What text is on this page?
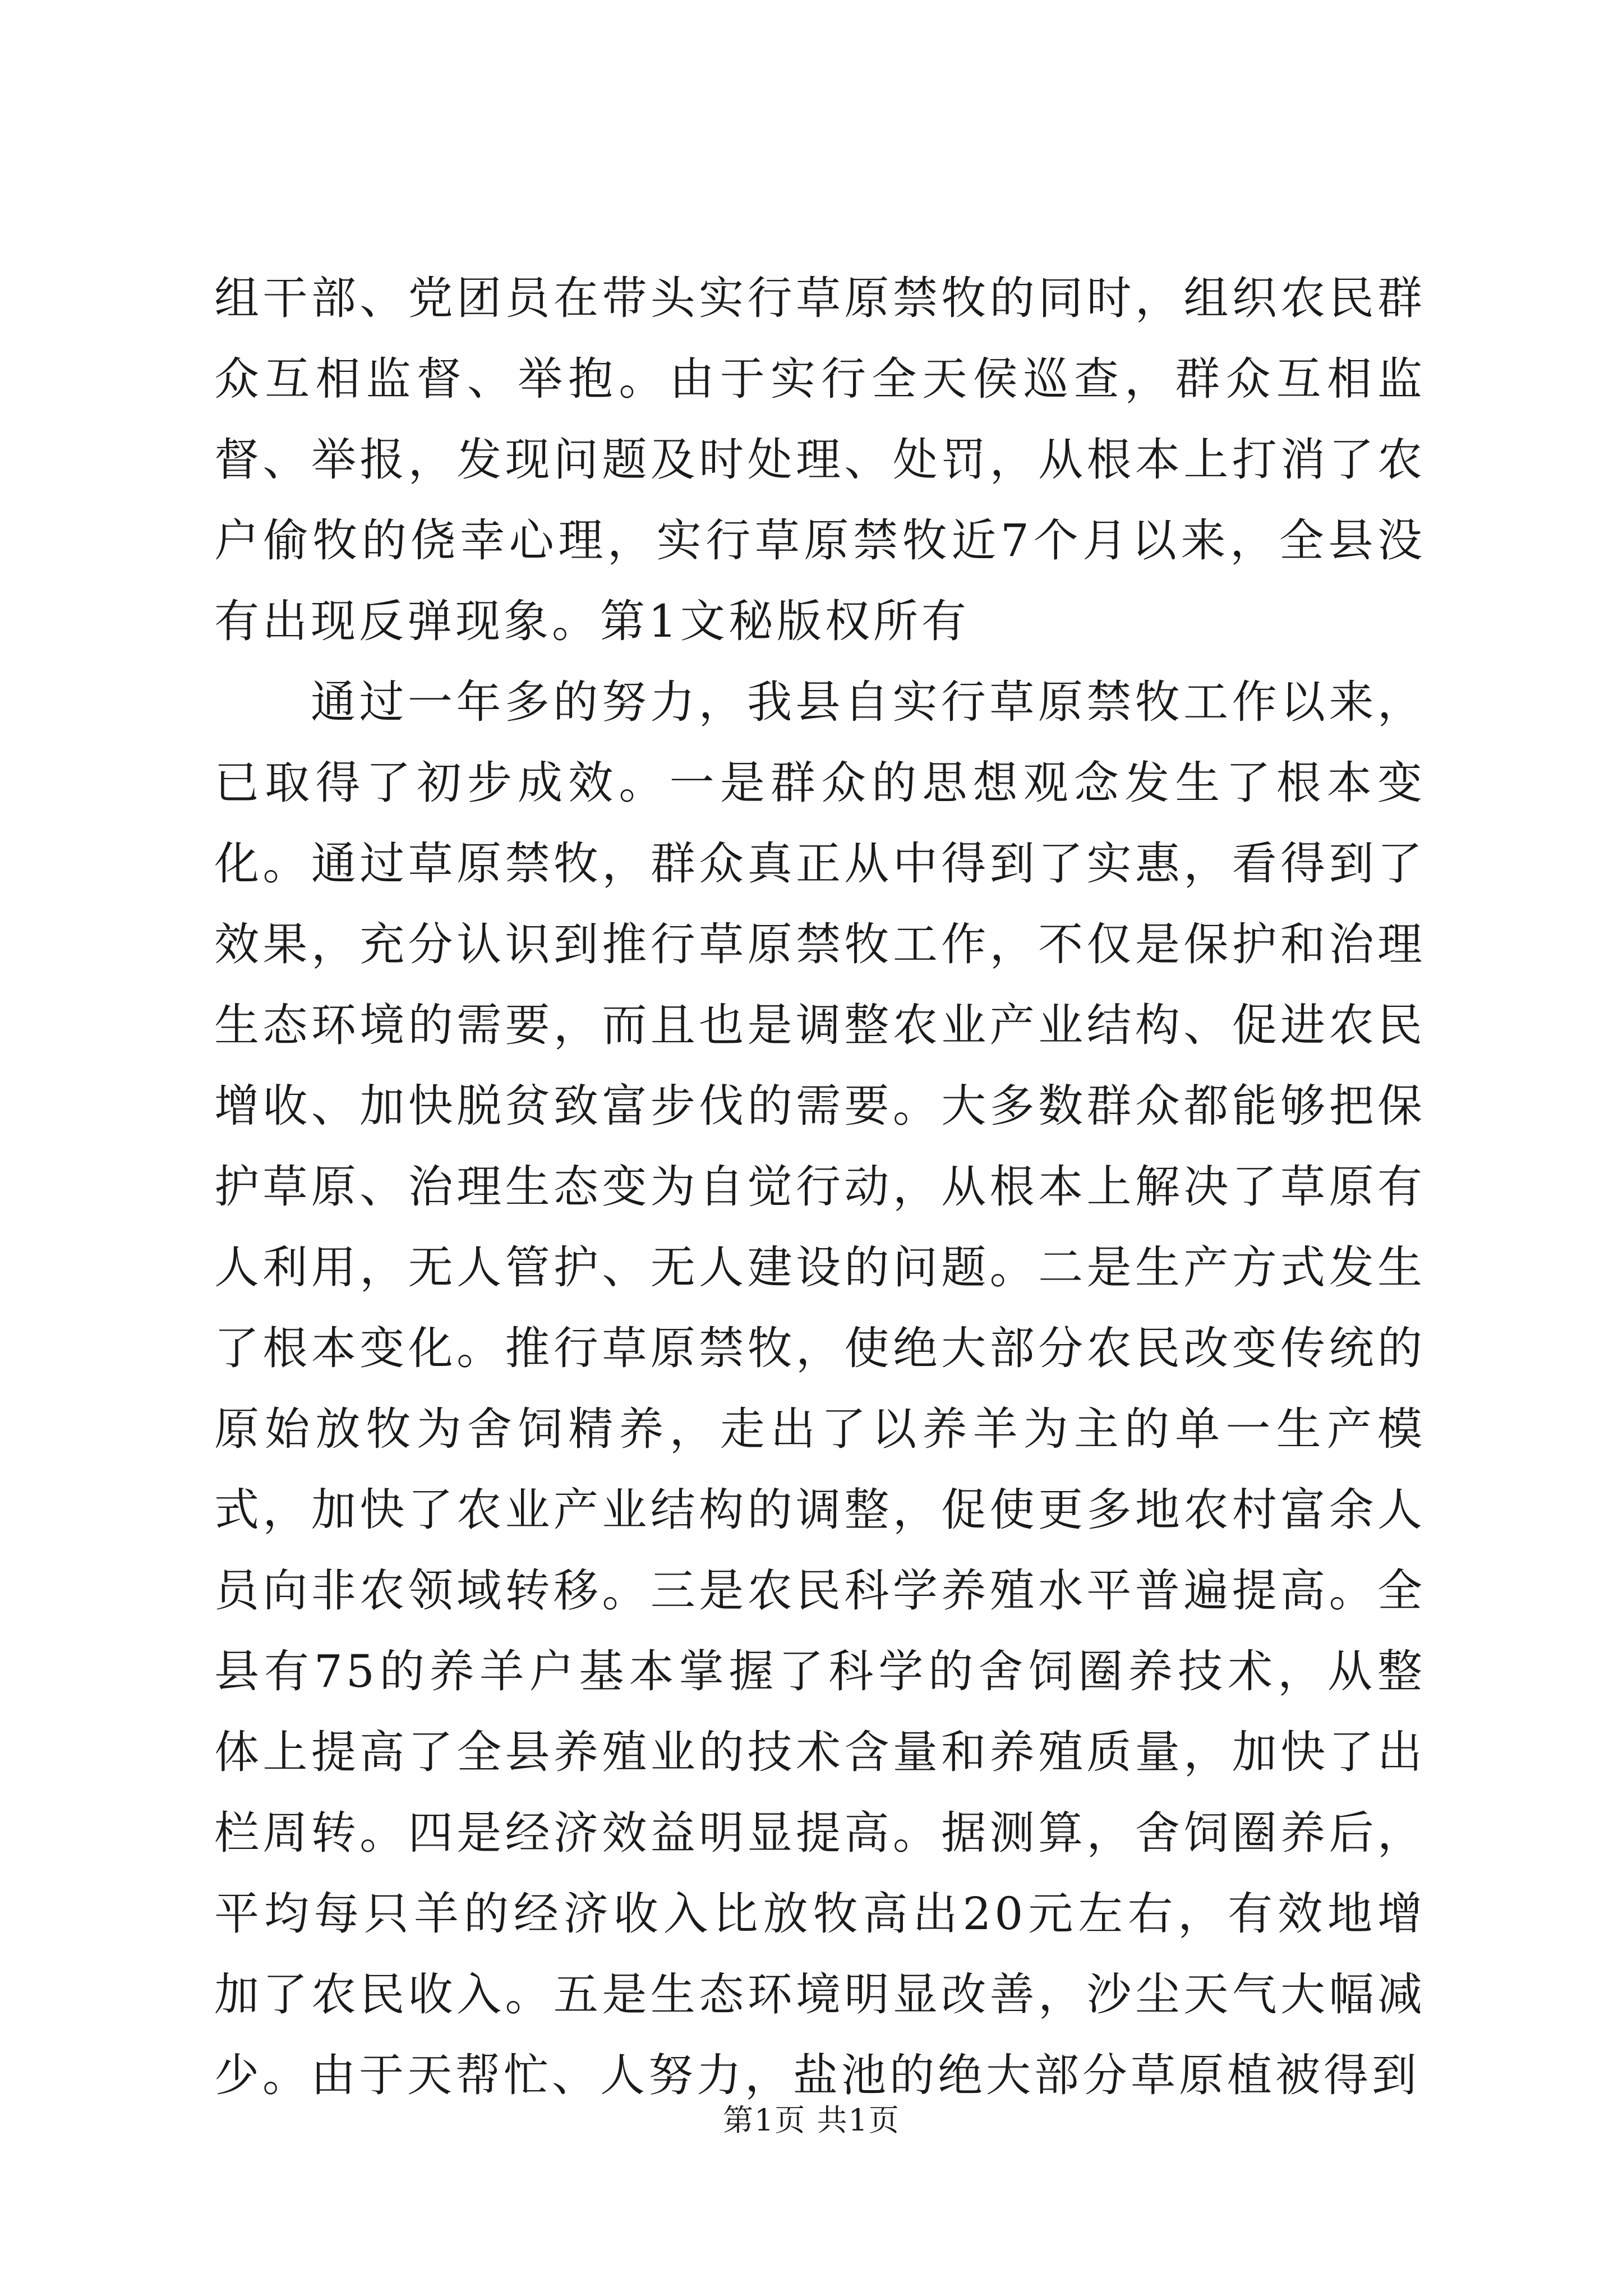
组干部、党团员在带头实行草原禁牧的同时，组织农民群众互相监督、举抱。由于实行全天侯巡查，群众互相监督、举报，发现问题及时处理、处罚，从根本上打消了农户偷牧的侥幸心理，实行草原禁牧近7个月以来，全县没有出现反弹现象。第1文秘版权所有

通过一年多的努力，我县自实行草原禁牧工作以来，已取得了初步成效。一是群众的思想观念发生了根本变化。通过草原禁牧，群众真正从中得到了实惠，看得到了效果，充分认识到推行草原禁牧工作，不仅是保护和治理生态环境的需要，而且也是调整农业产业结构、促进农民增收、加快脱贫致富步伐的需要。大多数群众都能够把保护草原、治理生态变为自觉行动，从根本上解决了草原有人利用，无人管护、无人建设的问题。二是生产方式发生了根本变化。推行草原禁牧，使绝大部分农民改变传统的原始放牧为舍饲精养，走出了以养羊为主的单一生产模式，加快了农业产业结构的调整，促使更多地农村富余人员向非农领域转移。三是农民科学养殖水平普遍提高。全县有75的养羊户基本掌握了科学的舍饲圈养技术，从整体上提高了全县养殖业的技术含量和养殖质量，加快了出栏周转。四是经济效益明显提高。据测算，舍饲圈养后，平均每只羊的经济收入比放牧高出20元左右，有效地增加了农民收入。五是生态环境明显改善，沙尘天气大幅减少。由于天帮忙、人努力，盐池的绝大部分草原植被得到

第1页 共1页
